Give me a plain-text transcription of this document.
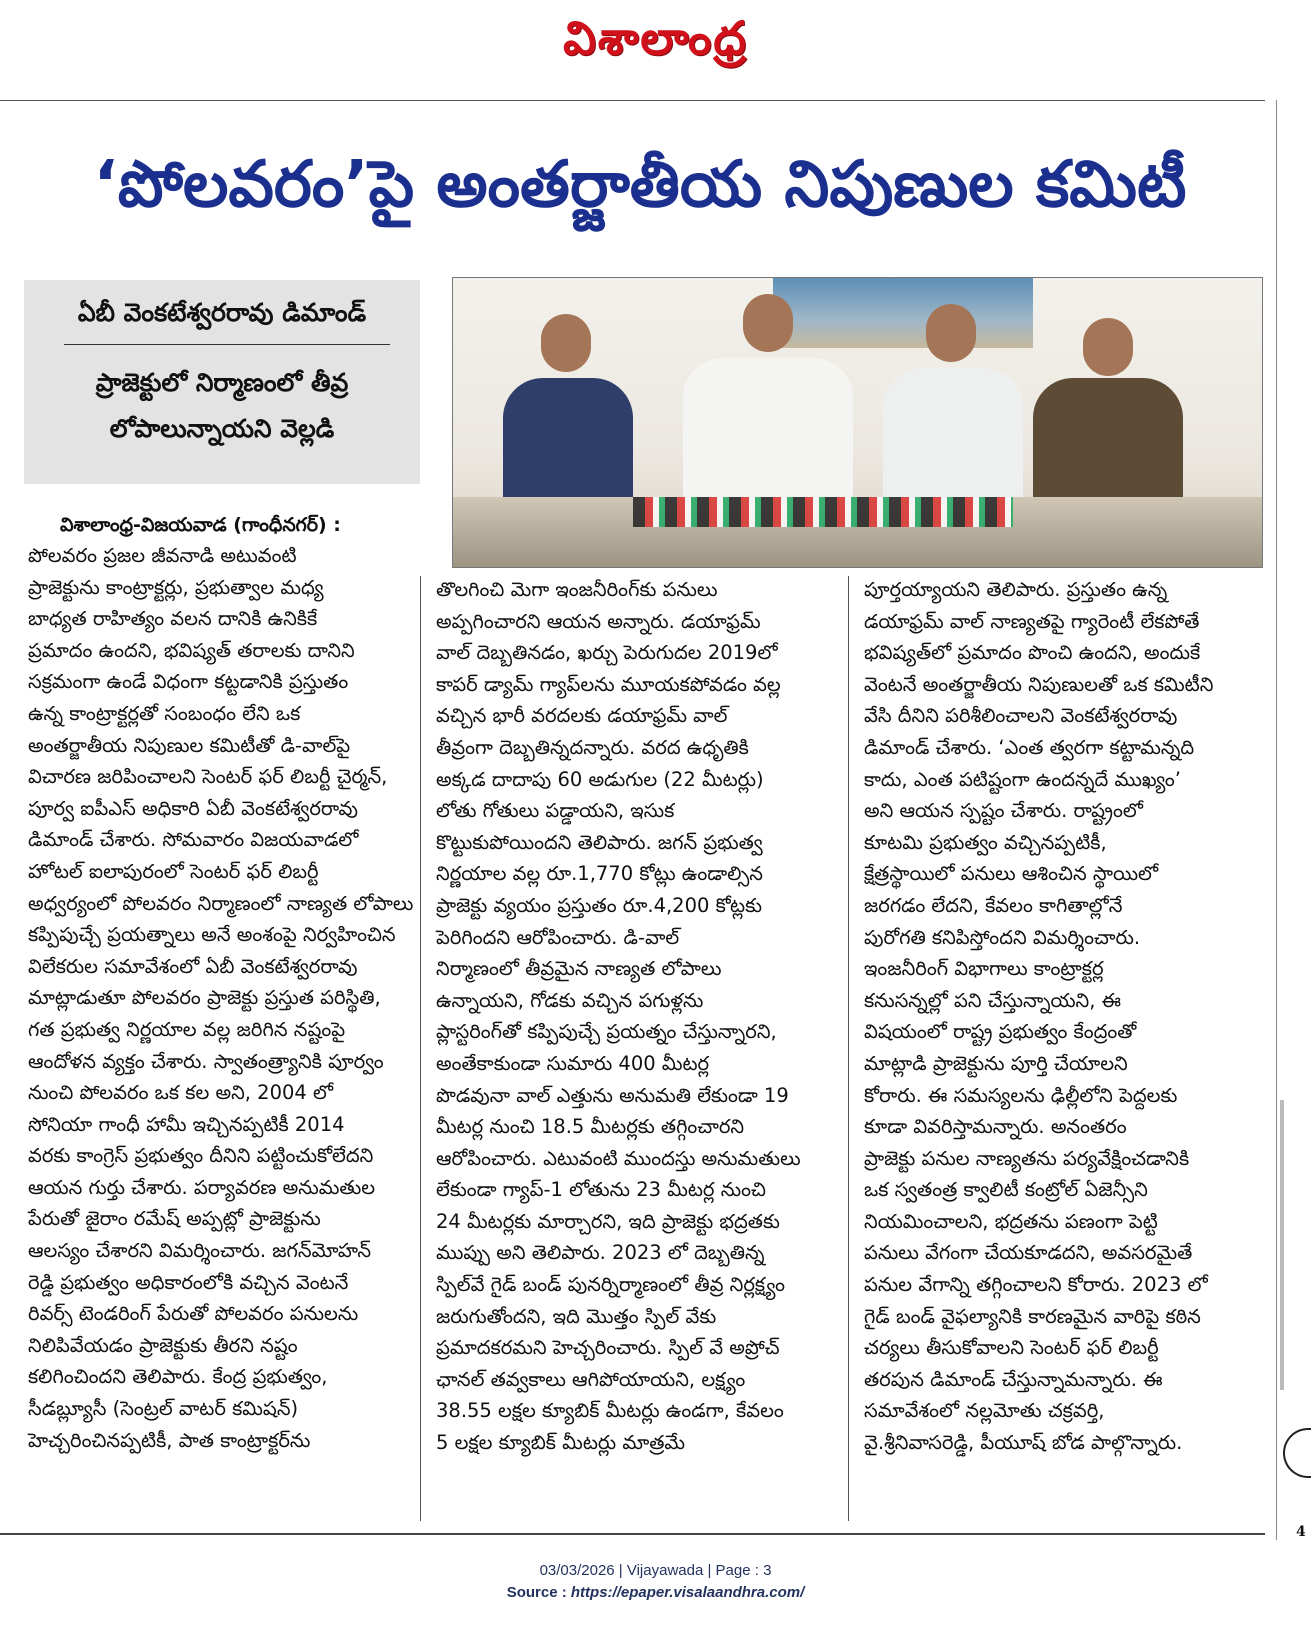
విశాలాంధ్ర
4
‘పోలవరం’పై అంతర్జాతీయ నిపుణుల కమిటీ
ఏబీ వెంకటేశ్వరరావు డిమాండ్
ప్రాజెక్టులో నిర్మాణంలో తీవ్ర
లోపాలున్నాయని వెల్లడి
విశాలాంధ్ర-విజయవాడ (గాంధీనగర్) :

పోలవరం ప్రజల జీవనాడి అటువంటి

ప్రాజెక్టును కాంట్రాక్టర్లు, ప్రభుత్వాల మధ్య

బాధ్యత రాహిత్యం వలన దానికి ఉనికికే

ప్రమాదం ఉందని, భవిష్యత్ తరాలకు దానిని

సక్రమంగా ఉండే విధంగా కట్టడానికి ప్రస్తుతం

ఉన్న కాంట్రాక్టర్లతో సంబంధం లేని ఒక

అంతర్జాతీయ నిపుణుల కమిటీతో డి-వాల్‌పై

విచారణ జరిపించాలని సెంటర్ ఫర్ లిబర్టీ చైర్మన్,

పూర్వ ఐపీఎస్ అధికారి ఏబీ వెంకటేశ్వరరావు

డిమాండ్ చేశారు. సోమవారం విజయవాడలో

హోటల్ ఐలాపురంలో సెంటర్ ఫర్ లిబర్టీ

అధ్వర్యంలో పోలవరం నిర్మాణంలో నాణ్యత లోపాలు

కప్పిపుచ్చే ప్రయత్నాలు అనే అంశంపై నిర్వహించిన

విలేకరుల సమావేశంలో ఏబీ వెంకటేశ్వరరావు

మాట్లాడుతూ పోలవరం ప్రాజెక్టు ప్రస్తుత పరిస్థితి,

గత ప్రభుత్వ నిర్ణయాల వల్ల జరిగిన నష్టంపై

ఆందోళన వ్యక్తం చేశారు. స్వాతంత్ర్యానికి పూర్వం

నుంచి పోలవరం ఒక కల అని, 2004 లో

సోనియా గాంధీ హామీ ఇచ్చినప్పటికీ 2014

వరకు కాంగ్రెస్ ప్రభుత్వం దీనిని పట్టించుకోలేదని

ఆయన గుర్తు చేశారు. పర్యావరణ అనుమతుల

పేరుతో జైరాం రమేష్ అప్పట్లో ప్రాజెక్టును

ఆలస్యం చేశారని విమర్శించారు. జగన్‌మోహన్

రెడ్డి ప్రభుత్వం అధికారంలోకి వచ్చిన వెంటనే

రివర్స్ టెండరింగ్ పేరుతో పోలవరం పనులను

నిలిపివేయడం ప్రాజెక్టుకు తీరని నష్టం

కలిగించిందని తెలిపారు. కేంద్ర ప్రభుత్వం,

సీడబ్ల్యూసీ (సెంట్రల్ వాటర్ కమిషన్)

హెచ్చరించినప్పటికీ, పాత కాంట్రాక్టర్‌ను

తొలగించి మెగా ఇంజనీరింగ్‌కు పనులు

అప్పగించారని ఆయన అన్నారు. డయాఫ్రమ్

వాల్ దెబ్బతినడం, ఖర్చు పెరుగుదల 2019లో

కాపర్ డ్యామ్ గ్యాప్‌లను మూయకపోవడం వల్ల

వచ్చిన భారీ వరదలకు డయాఫ్రమ్ వాల్

తీవ్రంగా దెబ్బతిన్నదన్నారు. వరద ఉధృతికి

అక్కడ దాదాపు 60 అడుగుల (22 మీటర్లు)

లోతు గోతులు పడ్డాయని, ఇసుక

కొట్టుకుపోయిందని తెలిపారు. జగన్ ప్రభుత్వ

నిర్ణయాల వల్ల రూ.1,770 కోట్లు ఉండాల్సిన

ప్రాజెక్టు వ్యయం ప్రస్తుతం రూ.4,200 కోట్లకు

పెరిగిందని ఆరోపించారు. డి-వాల్

నిర్మాణంలో తీవ్రమైన నాణ్యత లోపాలు

ఉన్నాయని, గోడకు వచ్చిన పగుళ్లను

ప్లాస్టరింగ్‌తో కప్పిపుచ్చే ప్రయత్నం చేస్తున్నారని,

అంతేకాకుండా సుమారు 400 మీటర్ల

పొడవునా వాల్ ఎత్తును అనుమతి లేకుండా 19

మీటర్ల నుంచి 18.5 మీటర్లకు తగ్గించారని

ఆరోపించారు. ఎటువంటి ముందస్తు అనుమతులు

లేకుండా గ్యాప్-1 లోతును 23 మీటర్ల నుంచి

24 మీటర్లకు మార్చారని, ఇది ప్రాజెక్టు భద్రతకు

ముప్పు అని తెలిపారు. 2023 లో దెబ్బతిన్న

స్పిల్‌వే గైడ్ బండ్ పునర్నిర్మాణంలో తీవ్ర నిర్లక్ష్యం

జరుగుతోందని, ఇది మొత్తం స్పిల్ వేకు

ప్రమాదకరమని హెచ్చరించారు. స్పిల్ వే అప్రోచ్

ఛానల్ తవ్వకాలు ఆగిపోయాయని, లక్ష్యం

38.55 లక్షల క్యూబిక్ మీటర్లు ఉండగా, కేవలం

5 లక్షల క్యూబిక్ మీటర్లు మాత్రమే

పూర్తయ్యాయని తెలిపారు. ప్రస్తుతం ఉన్న

డయాఫ్రమ్ వాల్ నాణ్యతపై గ్యారెంటీ లేకపోతే

భవిష్యత్‌లో ప్రమాదం పొంచి ఉందని, అందుకే

వెంటనే అంతర్జాతీయ నిపుణులతో ఒక కమిటీని

వేసి దీనిని పరిశీలించాలని వెంకటేశ్వరరావు

డిమాండ్ చేశారు. ‘ఎంత త్వరగా కట్టామన్నది

కాదు, ఎంత పటిష్టంగా ఉందన్నదే ముఖ్యం’

అని ఆయన స్పష్టం చేశారు. రాష్ట్రంలో

కూటమి ప్రభుత్వం వచ్చినప్పటికీ,

క్షేత్రస్థాయిలో పనులు ఆశించిన స్థాయిలో

జరగడం లేదని, కేవలం కాగితాల్లోనే

పురోగతి కనిపిస్తోందని విమర్శించారు.

ఇంజనీరింగ్ విభాగాలు కాంట్రాక్టర్ల

కనుసన్నల్లో పని చేస్తున్నాయని, ఈ

విషయంలో రాష్ట్ర ప్రభుత్వం కేంద్రంతో

మాట్లాడి ప్రాజెక్టును పూర్తి చేయాలని

కోరారు. ఈ సమస్యలను ఢిల్లీలోని పెద్దలకు

కూడా వివరిస్తామన్నారు. అనంతరం

ప్రాజెక్టు పనుల నాణ్యతను పర్యవేక్షించడానికి

ఒక స్వతంత్ర క్వాలిటీ కంట్రోల్ ఏజెన్సీని

నియమించాలని, భద్రతను పణంగా పెట్టి

పనులు వేగంగా చేయకూడదని, అవసరమైతే

పనుల వేగాన్ని తగ్గించాలని కోరారు. 2023 లో

గైడ్ బండ్ వైఫల్యానికి కారణమైన వారిపై కఠిన

చర్యలు తీసుకోవాలని సెంటర్ ఫర్ లిబర్టీ

తరపున డిమాండ్ చేస్తున్నామన్నారు. ఈ

సమావేశంలో నల్లమోతు చక్రవర్తి,

వై.శ్రీనివాసరెడ్డి, పీయూష్ బోడ పాల్గొన్నారు.

03/03/2026 | Vijayawada | Page : 3
Source : https://epaper.visalaandhra.com/
